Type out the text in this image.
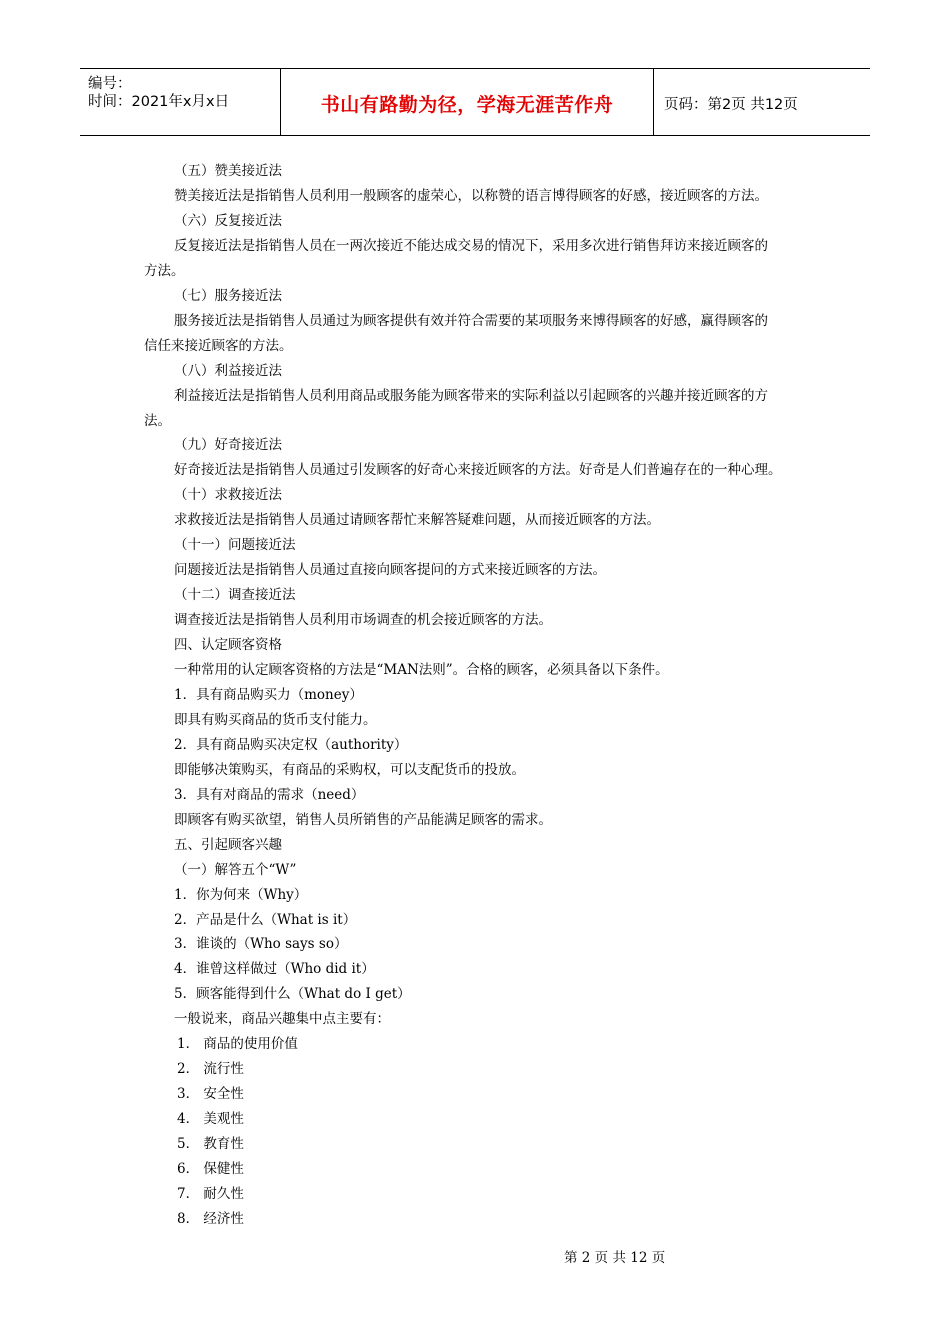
编号：
时间：2021年x月x日	书山有路勤为径，学海无涯苦作舟	页码：第2页 共12页
（五）赞美接近法
赞美接近法是指销售人员利用一般顾客的虚荣心，以称赞的语言博得顾客的好感，接近顾客的方法。
（六）反复接近法
反复接近法是指销售人员在一两次接近不能达成交易的情况下，采用多次进行销售拜访来接近顾客的
方法。
（七）服务接近法
服务接近法是指销售人员通过为顾客提供有效并符合需要的某项服务来博得顾客的好感，赢得顾客的
信任来接近顾客的方法。
（八）利益接近法
利益接近法是指销售人员利用商品或服务能为顾客带来的实际利益以引起顾客的兴趣并接近顾客的方
法。
（九）好奇接近法
好奇接近法是指销售人员通过引发顾客的好奇心来接近顾客的方法。好奇是人们普遍存在的一种心理。
（十）求救接近法
求救接近法是指销售人员通过请顾客帮忙来解答疑难问题，从而接近顾客的方法。
（十一）问题接近法
问题接近法是指销售人员通过直接向顾客提问的方式来接近顾客的方法。
（十二）调查接近法
调查接近法是指销售人员利用市场调查的机会接近顾客的方法。
四、认定顾客资格
一种常用的认定顾客资格的方法是“MAN法则”。合格的顾客，必须具备以下条件。
1．具有商品购买力（money）
即具有购买商品的货币支付能力。
2．具有商品购买决定权（authority）
即能够决策购买，有商品的采购权，可以支配货币的投放。
3．具有对商品的需求（need）
即顾客有购买欲望，销售人员所销售的产品能满足顾客的需求。
五、引起顾客兴趣
（一）解答五个“W”
1．你为何来（Why）
2．产品是什么（What is it）
3．谁谈的（Who says so）
4．谁曾这样做过（Who did it）
5．顾客能得到什么（What do I get）
一般说来，商品兴趣集中点主要有：
1． 商品的使用价值
2． 流行性
3． 安全性
4． 美观性
5． 教育性
6． 保健性
7． 耐久性
8． 经济性
第 2 页 共 12 页
